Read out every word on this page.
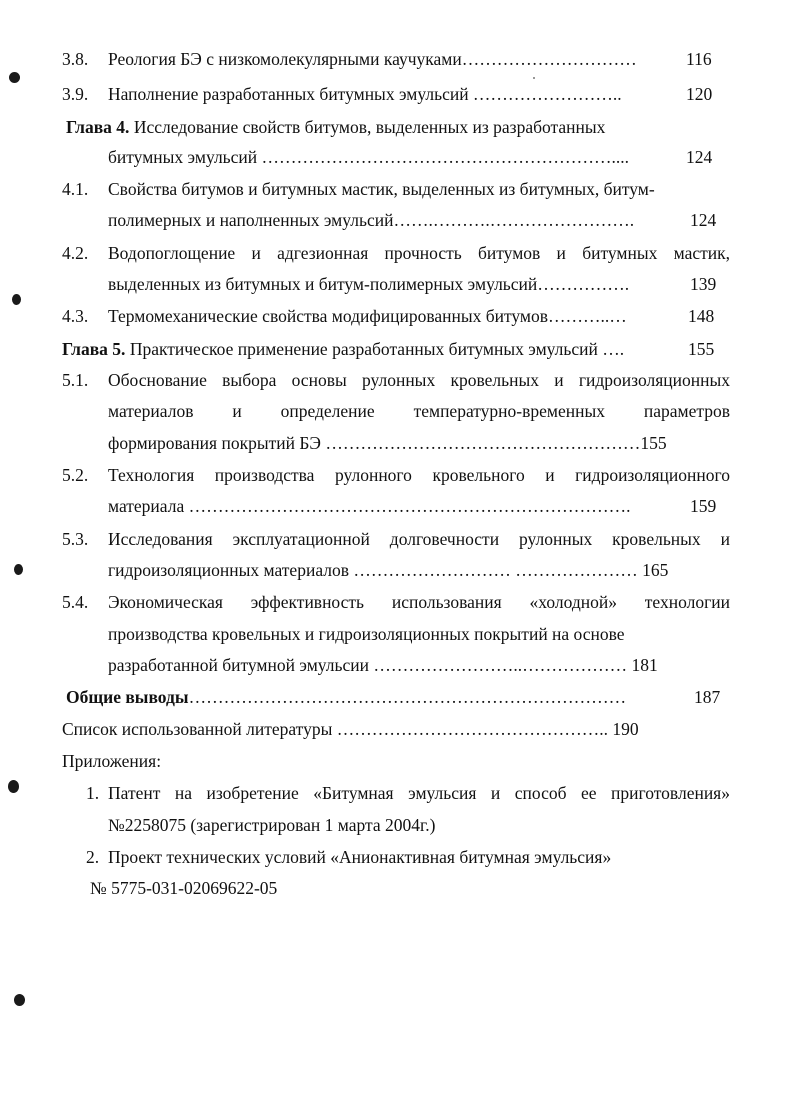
3.8. Реология БЭ с низкомолекулярными каучуками…………………………	116
3.9. Наполнение разработанных битумных эмульсий ……………………..	120
Глава 4. Исследование свойств битумов, выделенных из разработанных
битумных эмульсий ……………………………………………………....	124
4.1. Свойства битумов и битумных мастик, выделенных из битумных, битум-
полимерных и наполненных эмульсий…….……….…………………….	124
4.2. Водопоглощение и адгезионная прочность битумов и битумных мастик,
выделенных из битумных и битум-полимерных эмульсий…………….	139
4.3. Термомеханические свойства модифицированных битумов………..…	148
Глава 5. Практическое применение разработанных битумных эмульсий ….	155
5.1. Обоснование выбора основы рулонных кровельных и гидроизоляционных
материалов и определение температурно-временных параметров
формирования покрытий БЭ ………………………………………………155
5.2. Технология производства рулонного кровельного и гидроизоляционного
материала ………………………………………………………………….	159
5.3. Исследования эксплуатационной долговечности рулонных кровельных и
гидроизоляционных материалов ……………………… ………………… 165
5.4. Экономическая эффективность использования «холодной» технологии
производства кровельных и гидроизоляционных покрытий на основе
разработанной битумной эмульсии ……………………..……………… 181
Общие выводы…………………………………………………………………	187
Список использованной литературы ……………………………………….. 190
Приложения:
1. Патент на изобретение «Битумная эмульсия и способ ее приготовления»
№2258075 (зарегистрирован 1 марта 2004г.)
2. Проект технических условий «Анионактивная битумная эмульсия»
№ 5775-031-02069622-05
